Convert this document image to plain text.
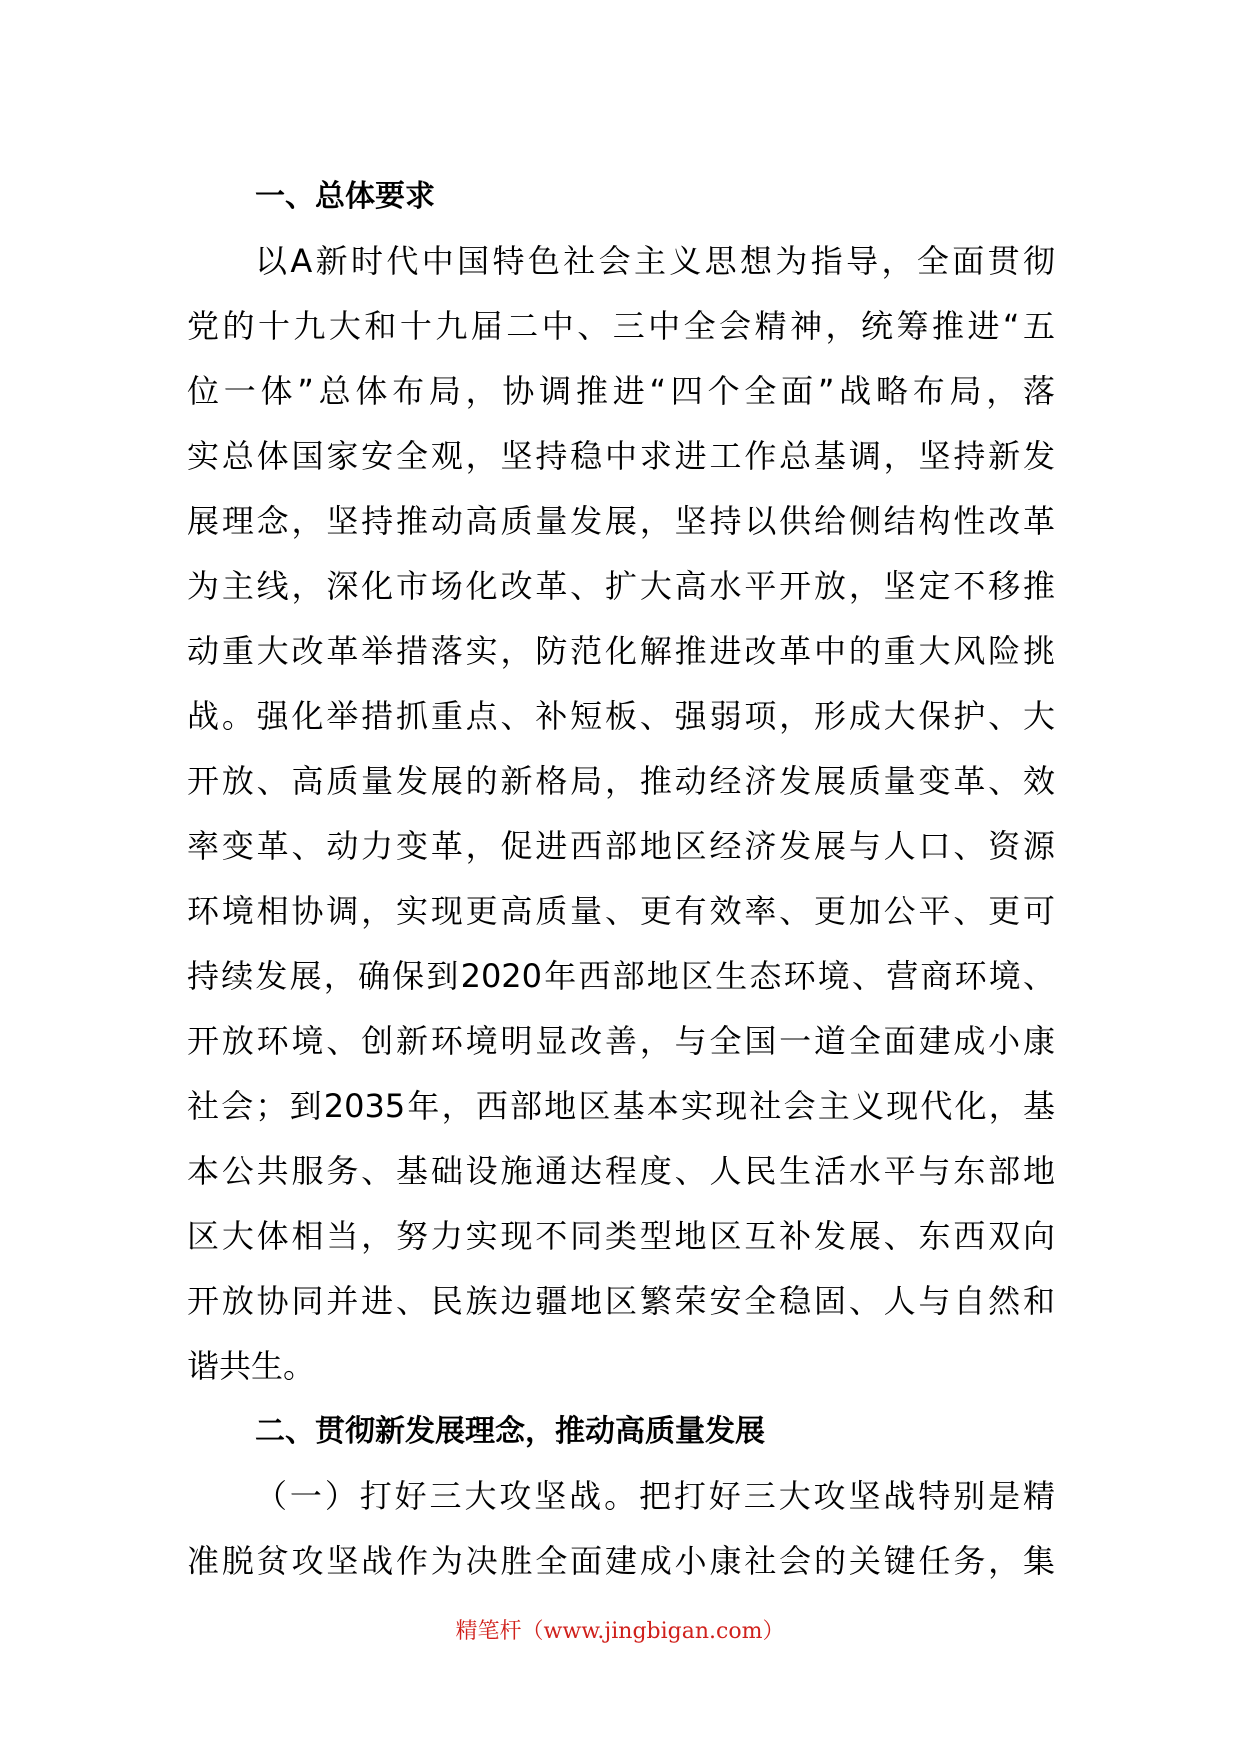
一、总体要求
以A新时代中国特色社会主义思想为指导，全面贯彻
党的十九大和十九届二中、三中全会精神，统筹推进“五
位一体”总体布局，协调推进“四个全面”战略布局，落
实总体国家安全观，坚持稳中求进工作总基调，坚持新发
展理念，坚持推动高质量发展，坚持以供给侧结构性改革
为主线，深化市场化改革、扩大高水平开放，坚定不移推
动重大改革举措落实，防范化解推进改革中的重大风险挑
战。强化举措抓重点、补短板、强弱项，形成大保护、大
开放、高质量发展的新格局，推动经济发展质量变革、效
率变革、动力变革，促进西部地区经济发展与人口、资源
环境相协调，实现更高质量、更有效率、更加公平、更可
持续发展，确保到2020年西部地区生态环境、营商环境、
开放环境、创新环境明显改善，与全国一道全面建成小康
社会；到2035年，西部地区基本实现社会主义现代化，基
本公共服务、基础设施通达程度、人民生活水平与东部地
区大体相当，努力实现不同类型地区互补发展、东西双向
开放协同并进、民族边疆地区繁荣安全稳固、人与自然和
谐共生。
二、贯彻新发展理念，推动高质量发展
（一）打好三大攻坚战。把打好三大攻坚战特别是精
准脱贫攻坚战作为决胜全面建成小康社会的关键任务，集
精笔杆（www.jingbigan.com）
